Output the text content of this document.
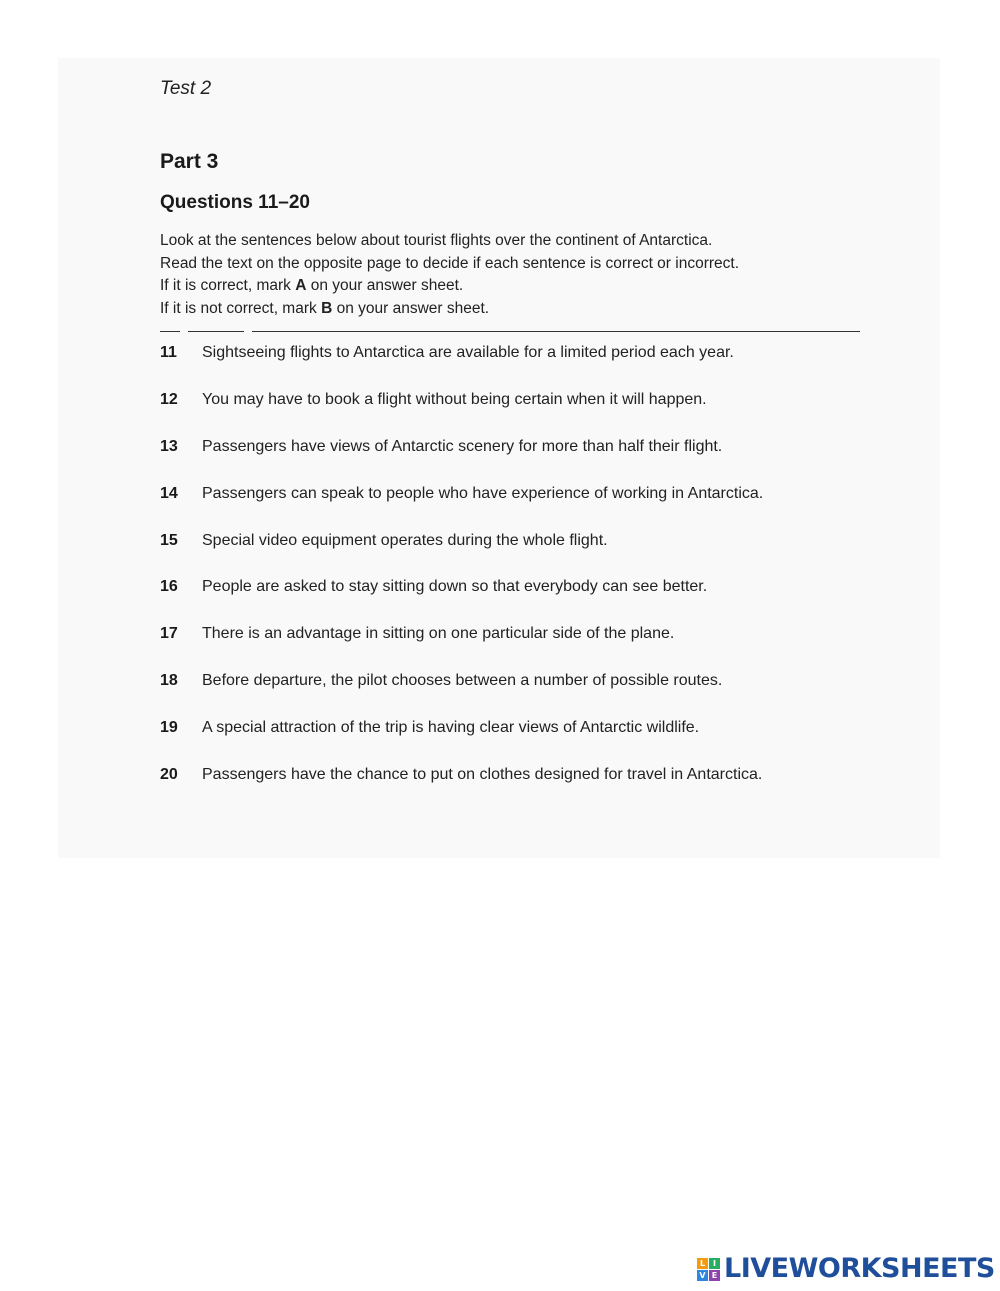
Test 2
Part 3
Questions 11–20
Look at the sentences below about tourist flights over the continent of Antarctica.
Read the text on the opposite page to decide if each sentence is correct or incorrect.
If it is correct, mark A on your answer sheet.
If it is not correct, mark B on your answer sheet.
11	Sightseeing flights to Antarctica are available for a limited period each year.
12	You may have to book a flight without being certain when it will happen.
13	Passengers have views of Antarctic scenery for more than half their flight.
14	Passengers can speak to people who have experience of working in Antarctica.
15	Special video equipment operates during the whole flight.
16	People are asked to stay sitting down so that everybody can see better.
17	There is an advantage in sitting on one particular side of the plane.
18	Before departure, the pilot chooses between a number of possible routes.
19	A special attraction of the trip is having clear views of Antarctic wildlife.
20	Passengers have the chance to put on clothes designed for travel in Antarctica.
L I
V E LIVEWORKSHEETS
